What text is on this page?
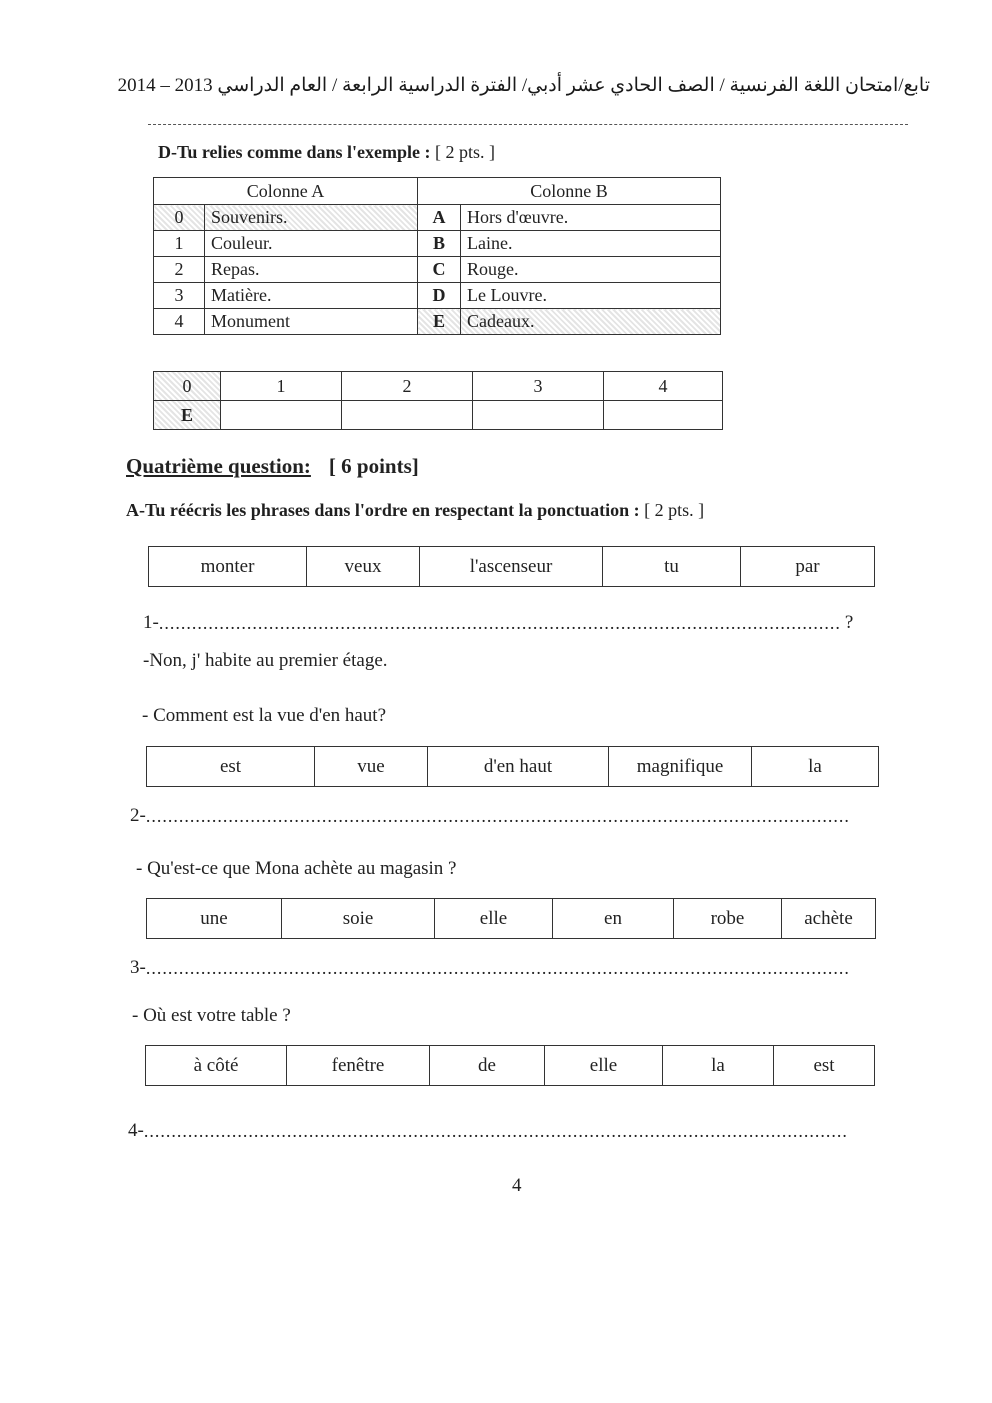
تابع/امتحان اللغة الفرنسية / الصف الحادي عشر أدبي/ الفترة الدراسية الرابعة / العام الدراسي 2013 – 2014
D-Tu relies comme dans l'exemple : [ 2 pts. ]
Colonne A		Colonne B	
0	Souvenirs.	A	Hors d'œuvre.
1	Couleur.	B	Laine.
2	Repas.	C	Rouge.
3	Matière.	D	Le Louvre.
4	Monument	E	Cadeaux.
0	1	2	3	4
E				
Quatrième question: [ 6 points]
A-Tu réécris les phrases dans l'ordre en respectant la ponctuation : [ 2 pts. ]
monter	veux	l'ascenseur	tu	par
1-............................................................................................................................ ?
-Non, j' habite au premier étage.
- Comment est la vue d'en haut?
est	vue	d'en haut	magnifique	la
2-................................................................................................................................
- Qu'est-ce que Mona achète au magasin ?
une	soie	elle	en	robe	achète
3-................................................................................................................................
- Où est votre table ?
à côté	fenêtre	de	elle	la	est
4-................................................................................................................................
4
